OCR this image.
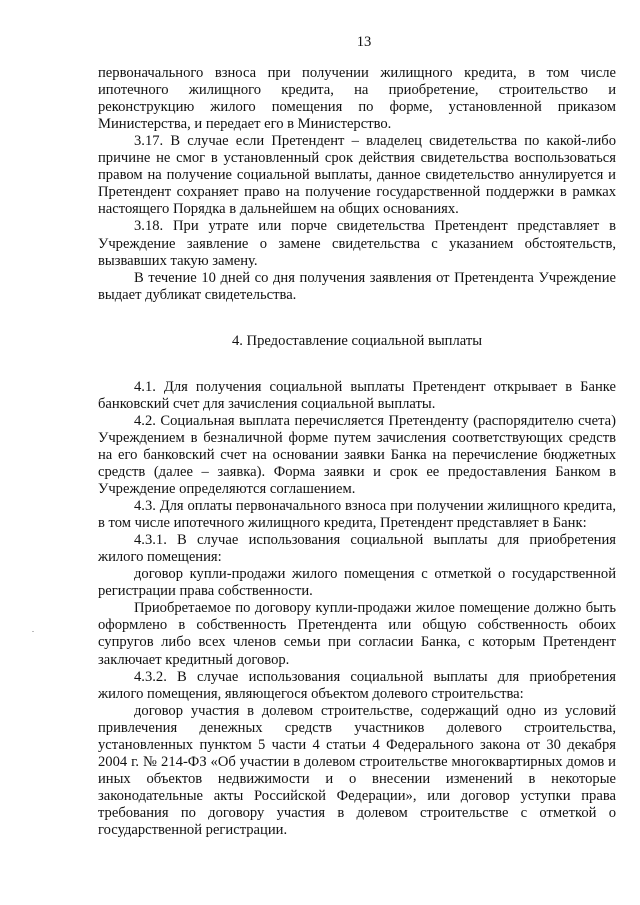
13

первоначального взноса при получении жилищного кредита, в том числе ипотечного жилищного кредита, на приобретение, строительство и реконструкцию жилого помещения по форме, установленной приказом Министерства, и передает его в Министерство.

3.17. В случае если Претендент – владелец свидетельства по какой-либо причине не смог в установленный срок действия свидетельства воспользоваться правом на получение социальной выплаты, данное свидетельство аннулируется и Претендент сохраняет право на получение государственной поддержки в рамках настоящего Порядка в дальнейшем на общих основаниях.

3.18. При утрате или порче свидетельства Претендент представляет в Учреждение заявление о замене свидетельства с указанием обстоятельств, вызвавших такую замену.

В течение 10 дней со дня получения заявления от Претендента Учреждение выдает дубликат свидетельства.

4. Предоставление социальной выплаты

4.1. Для получения социальной выплаты Претендент открывает в Банке банковский счет для зачисления социальной выплаты.

4.2. Социальная выплата перечисляется Претенденту (распорядителю счета) Учреждением в безналичной форме путем зачисления соответствующих средств на его банковский счет на основании заявки Банка на перечисление бюджетных средств (далее – заявка). Форма заявки и срок ее предоставления Банком в Учреждение определяются соглашением.

4.3. Для оплаты первоначального взноса при получении жилищного кредита, в том числе ипотечного жилищного кредита, Претендент представляет в Банк:

4.3.1. В случае использования социальной выплаты для приобретения жилого помещения:

договор купли-продажи жилого помещения с отметкой о государственной регистрации права собственности.

Приобретаемое по договору купли-продажи жилое помещение должно быть оформлено в собственность Претендента или общую собственность обоих супругов либо всех членов семьи при согласии Банка, с которым Претендент заключает кредитный договор.

4.3.2. В случае использования социальной выплаты для приобретения жилого помещения, являющегося объектом долевого строительства:

договор участия в долевом строительстве, содержащий одно из условий привлечения денежных средств участников долевого строительства, установленных пунктом 5 части 4 статьи 4 Федерального закона от 30 декабря 2004 г. № 214-ФЗ «Об участии в долевом строительстве многоквартирных домов и иных объектов недвижимости и о внесении изменений в некоторые законодательные акты Российской Федерации», или договор уступки права требования по договору участия в долевом строительстве с отметкой о государственной регистрации.
